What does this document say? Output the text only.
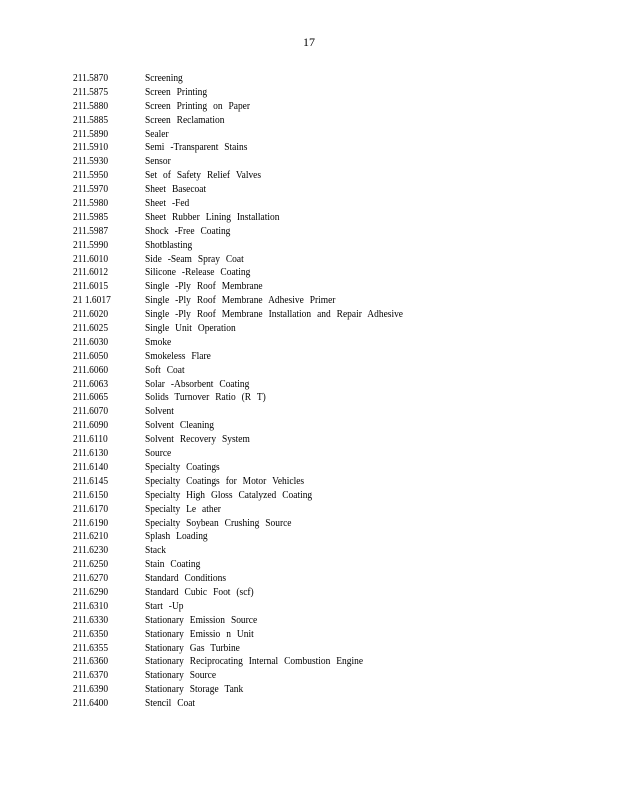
17
211.5870	Screening
211.5875	Screen Printing
211.5880	Screen Printing on Paper
211.5885	Screen Reclamation
211.5890	Sealer
211.5910	Semi -Transparent Stains
211.5930	Sensor
211.5950	Set of Safety Relief Valves
211.5970	Sheet Basecoat
211.5980	Sheet -Fed
211.5985	Sheet Rubber Lining Installation
211.5987	Shock -Free Coating
211.5990	Shotblasting
211.6010	Side -Seam Spray Coat
211.6012	Silicone -Release Coating
211.6015	Single -Ply Roof Membrane
21 1.6017	Single -Ply Roof Membrane Adhesive Primer
211.6020	Single -Ply Roof Membrane Installation and Repair Adhesive
211.6025	Single Unit Operation
211.6030	Smoke
211.6050	Smokeless Flare
211.6060	Soft Coat
211.6063	Solar -Absorbent Coating
211.6065	Solids Turnover Ratio (R T)
211.6070	Solvent
211.6090	Solvent Cleaning
211.6110	Solvent Recovery System
211.6130	Source
211.6140	Specialty Coatings
211.6145	Specialty Coatings for Motor Vehicles
211.6150	Specialty High Gloss Catalyzed Coating
211.6170	Specialty Le ather
211.6190	Specialty Soybean Crushing Source
211.6210	Splash Loading
211.6230	Stack
211.6250	Stain Coating
211.6270	Standard Conditions
211.6290	Standard Cubic Foot (scf)
211.6310	Start -Up
211.6330	Stationary Emission Source
211.6350	Stationary Emissio n Unit
211.6355	Stationary Gas Turbine
211.6360	Stationary Reciprocating Internal Combustion Engine
211.6370	Stationary Source
211.6390	Stationary Storage Tank
211.6400	Stencil Coat
